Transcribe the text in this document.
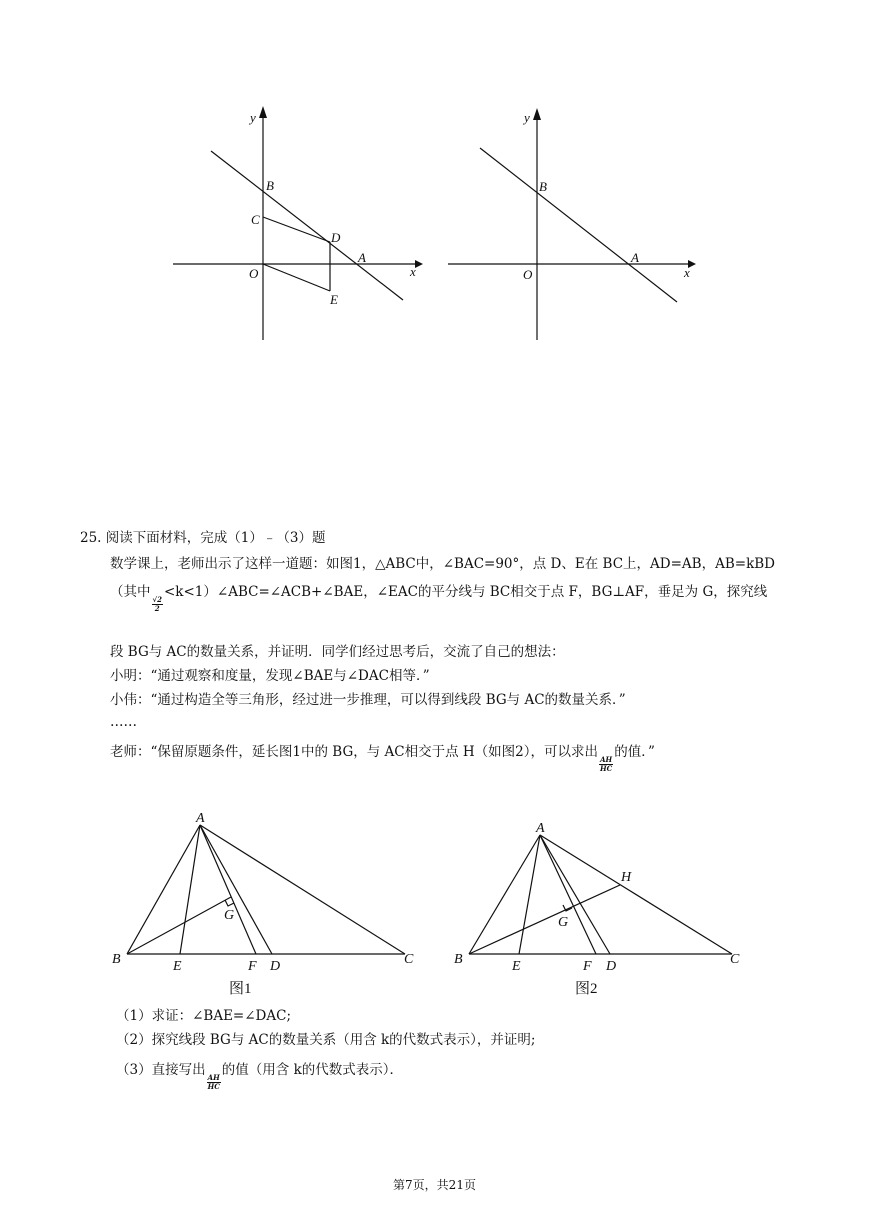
y
x
O
B
C
D
A
E
y
x
O
B
A
25. 阅读下面材料，完成（1）﹣（3）题
数学课上，老师出示了这样一道题：如图1，△ABC中，∠BAC=90°，点 D、E在 BC上，AD=AB，AB=kBD
（其中
$\frac{√2}{2}$
<k<1）∠ABC=∠ACB+∠BAE，∠EAC的平分线与 BC相交于点 F，BG⊥AF，垂足为 G，探究线
段 BG与 AC的数量关系，并证明．同学们经过思考后，交流了自己的想法：
小明：“通过观察和度量，发现∠BAE与∠DAC相等．”
小伟：“通过构造全等三角形，经过进一步推理，可以得到线段 BG与 AC的数量关系．”
……
老师：“保留原题条件，延长图1中的 BG，与 AC相交于点 H（如图2），可以求出
$\frac{AH}{HC}$
的值．”
A
B	E	F D	C
G
图1
A
B	E	F D	C
G
H
图2
（1）求证：∠BAE=∠DAC;
（2）探究线段 BG与 AC的数量关系（用含 k的代数式表示），并证明;
（3）直接写出
$\frac{AH}{HC}$
的值（用含 k的代数式表示）．
第7页，共21页
